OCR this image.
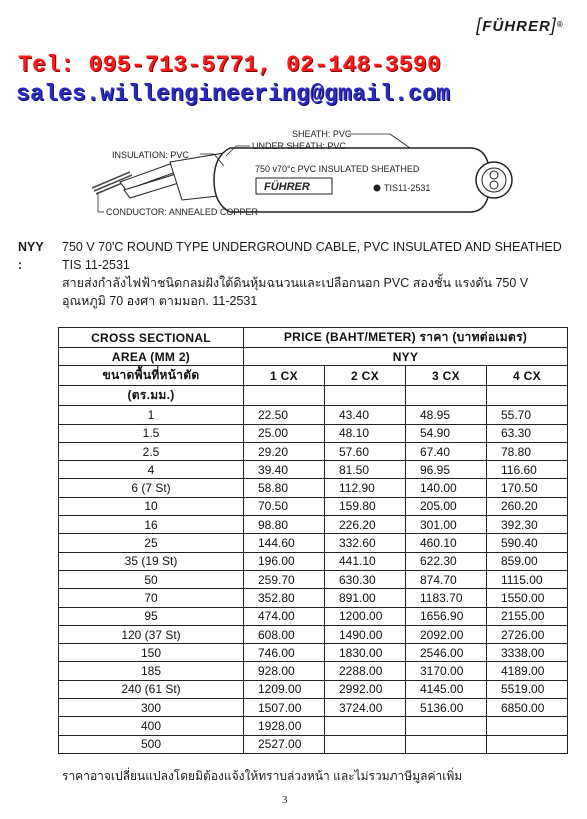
[FÜHRER]®
Tel: 095-713-5771, 02-148-3590
sales.willengineering@gmail.com
750 v70°c PVC INSULATED SHEATHED
FÜHRER	TIS11-2531
SHEATH: PVC
UNDER SHEATH: PVC
INSULATION: PVC
CONDUCTOR: ANNEALED COPPER
NYY :
750 V 70'C ROUND TYPE UNDERGROUND CABLE, PVC INSULATED AND SHEATHED
TIS 11-2531
สายส่งกำลังไฟฟ้าชนิดกลมฝังใต้ดินหุ้มฉนวนและเปลือกนอก PVC สองชั้น แรงดัน 750 V
อุณหภูมิ 70 องศา ตามมอก. 11-2531
CROSS SECTIONAL	PRICE (BAHT/METER) ราคา (บาทต่อเมตร)			
AREA (MM 2)	NYY			
ขนาดพื้นที่หน้าตัด	1 CX	2 CX	3 CX	4 CX
(ตร.มม.)				
1	22.50	43.40	48.95	55.70
1.5	25.00	48.10	54.90	63.30
2.5	29.20	57.60	67.40	78.80
4	39.40	81.50	96.95	116.60
6 (7 St)	58.80	112.90	140.00	170.50
10	70.50	159.80	205.00	260.20
16	98.80	226.20	301.00	392.30
25	144.60	332.60	460.10	590.40
35 (19 St)	196.00	441.10	622.30	859.00
50	259.70	630.30	874.70	1115.00
70	352.80	891.00	1183.70	1550.00
95	474.00	1200.00	1656.90	2155.00
120 (37 St)	608.00	1490.00	2092.00	2726.00
150	746.00	1830.00	2546.00	3338.00
185	928.00	2288.00	3170.00	4189.00
240 (61 St)	1209.00	2992.00	4145.00	5519.00
300	1507.00	3724.00	5136.00	6850.00
400	1928.00			
500	2527.00			
ราคาอาจเปลี่ยนแปลงโดยมิต้องแจ้งให้ทราบล่วงหน้า และไม่รวมภาษีมูลค่าเพิ่ม
3
